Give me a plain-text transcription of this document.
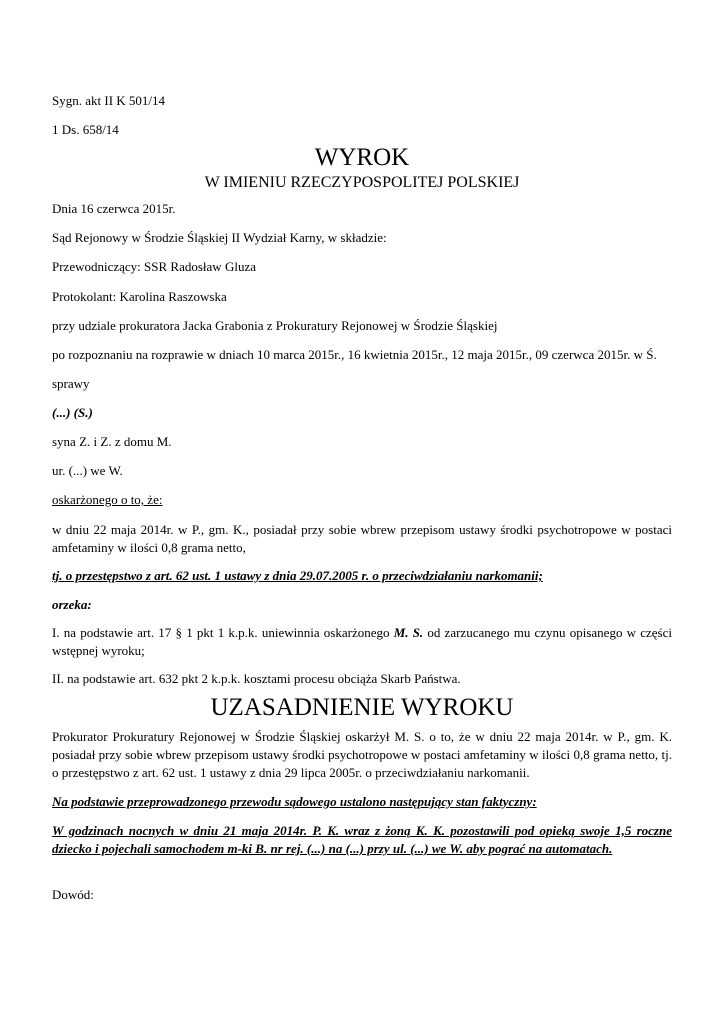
Sygn. akt II K 501/14
1 Ds. 658/14
WYROK
W IMIENIU RZECZYPOSPOLITEJ POLSKIEJ
Dnia 16 czerwca 2015r.
Sąd Rejonowy w Środzie Śląskiej II Wydział Karny, w składzie:
Przewodniczący: SSR Radosław Gluza
Protokolant: Karolina Raszowska
przy udziale prokuratora Jacka Grabonia z Prokuratury Rejonowej w Środzie Śląskiej
po rozpoznaniu na rozprawie w dniach 10 marca 2015r., 16 kwietnia 2015r., 12 maja 2015r., 09 czerwca 2015r. w Ś.
sprawy
(...) (S.)
syna Z. i Z. z domu M.
ur. (...) we W.
oskarżonego o to, że:
w dniu 22 maja 2014r. w P., gm. K., posiadał przy sobie wbrew przepisom ustawy środki psychotropowe w postaci amfetaminy w ilości 0,8 grama netto,
tj. o przestępstwo z art. 62 ust. 1 ustawy z dnia 29.07.2005 r. o przeciwdziałaniu narkomanii;
orzeka:
I. na podstawie art. 17 § 1 pkt 1 k.p.k. uniewinnia oskarżonego M. S. od zarzucanego mu czynu opisanego w części wstępnej wyroku;
II. na podstawie art. 632 pkt 2 k.p.k. kosztami procesu obciąża Skarb Państwa.
UZASADNIENIE WYROKU
Prokurator Prokuratury Rejonowej w Środzie Śląskiej oskarżył M. S. o to, że w dniu 22 maja 2014r. w P., gm. K. posiadał przy sobie wbrew przepisom ustawy środki psychotropowe w postaci amfetaminy w ilości 0,8 grama netto, tj. o przestępstwo z art. 62 ust. 1 ustawy z dnia 29 lipca 2005r. o przeciwdziałaniu narkomanii.
Na podstawie przeprowadzonego przewodu sądowego ustalono następujący stan faktyczny:
W godzinach nocnych w dniu 21 maja 2014r. P. K. wraz z żoną K. K. pozostawili pod opieką swoje 1,5 roczne dziecko i pojechali samochodem m-ki B. nr rej. (...) na (...) przy ul. (...) we W. aby pograć na automatach.
Dowód:
